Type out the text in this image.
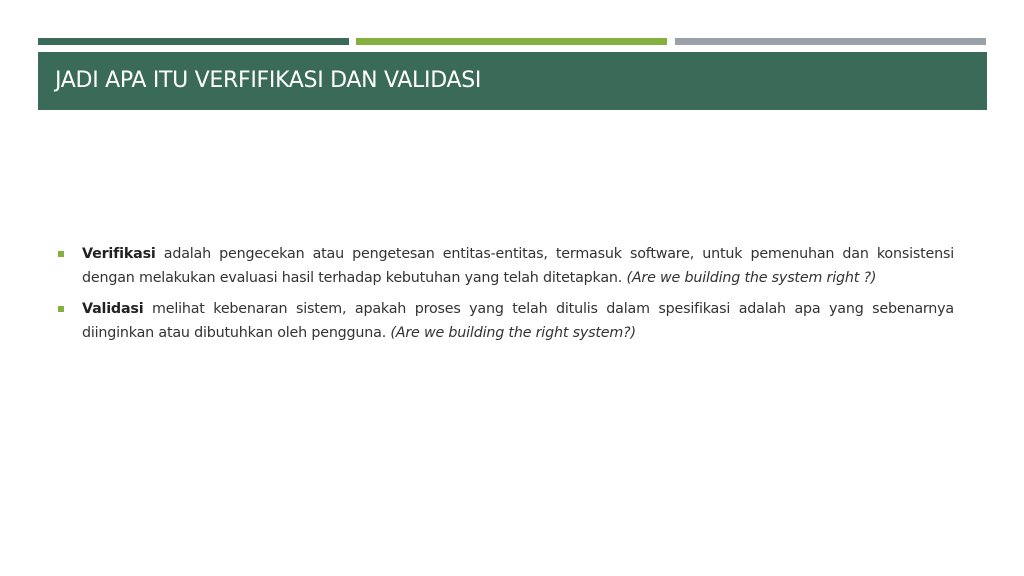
JADI APA ITU VERFIFIKASI DAN VALIDASI
Verifikasi adalah pengecekan atau pengetesan entitas-entitas, termasuk software, untuk pemenuhan dan konsistensi dengan melakukan evaluasi hasil terhadap kebutuhan yang telah ditetapkan. (Are we building the system right ?)
Validasi melihat kebenaran sistem, apakah proses yang telah ditulis dalam spesifikasi adalah apa yang sebenarnya diinginkan atau dibutuhkan oleh pengguna. (Are we building the right system?)
